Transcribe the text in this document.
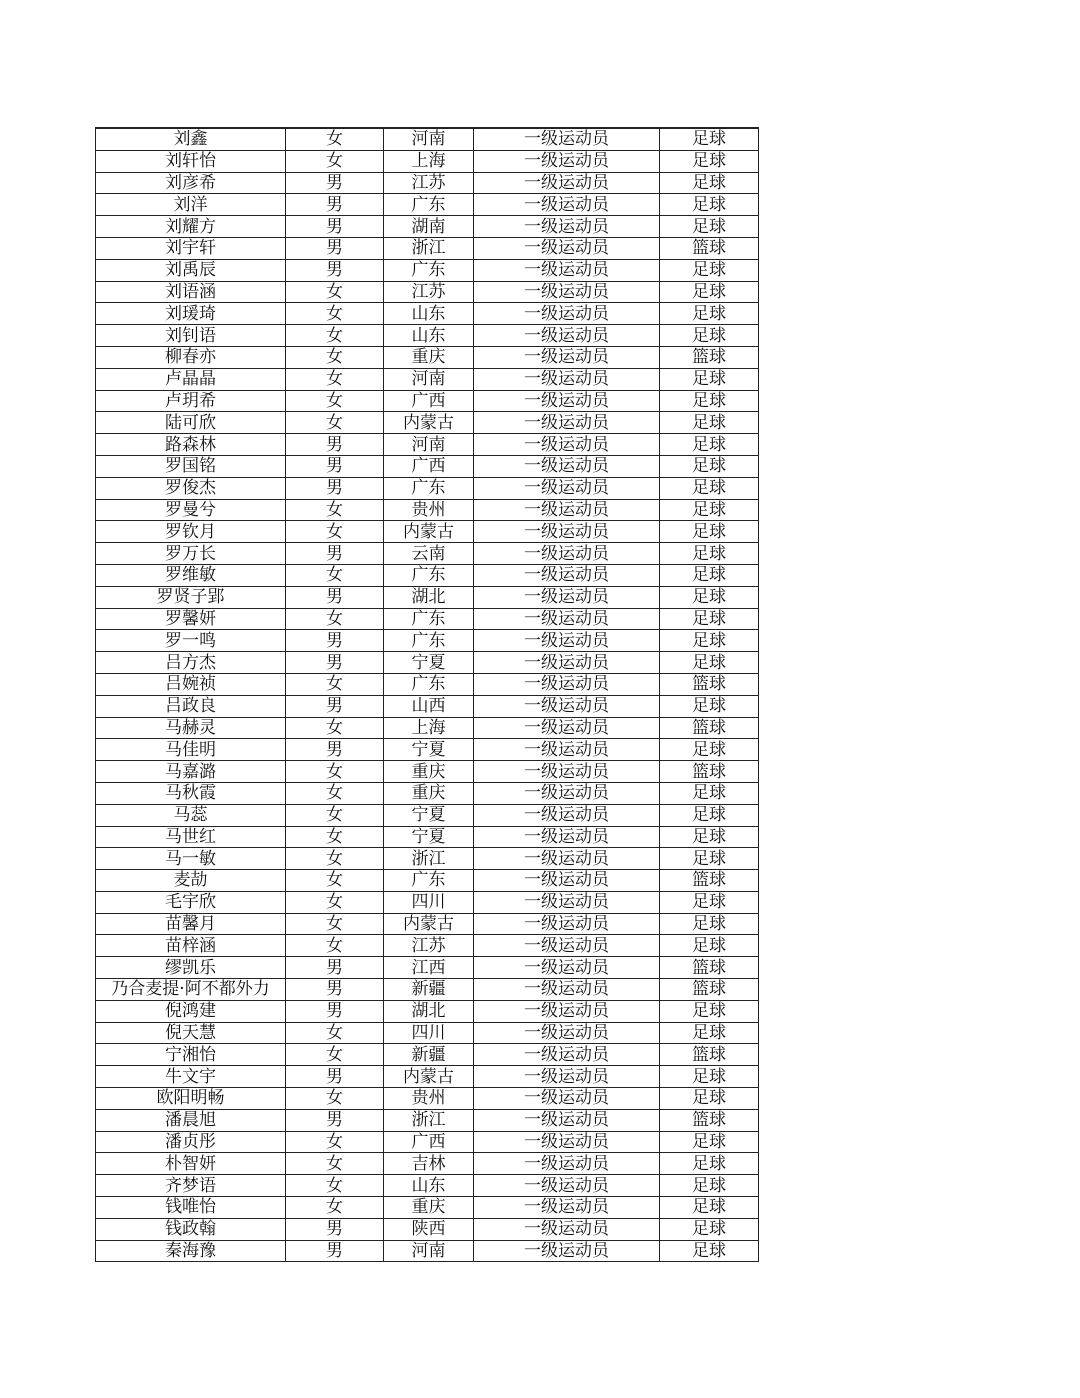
刘鑫	女	河南	一级运动员	足球
刘轩怡	女	上海	一级运动员	足球
刘彦希	男	江苏	一级运动员	足球
刘洋	男	广东	一级运动员	足球
刘耀方	男	湖南	一级运动员	足球
刘宇轩	男	浙江	一级运动员	篮球
刘禹辰	男	广东	一级运动员	足球
刘语涵	女	江苏	一级运动员	足球
刘瑗琦	女	山东	一级运动员	足球
刘钊语	女	山东	一级运动员	足球
柳春亦	女	重庆	一级运动员	篮球
卢晶晶	女	河南	一级运动员	足球
卢玥希	女	广西	一级运动员	足球
陆可欣	女	内蒙古	一级运动员	足球
路森林	男	河南	一级运动员	足球
罗国铭	男	广西	一级运动员	足球
罗俊杰	男	广东	一级运动员	足球
罗曼兮	女	贵州	一级运动员	足球
罗钦月	女	内蒙古	一级运动员	足球
罗万长	男	云南	一级运动员	足球
罗维敏	女	广东	一级运动员	足球
罗贤子郢	男	湖北	一级运动员	足球
罗馨妍	女	广东	一级运动员	足球
罗一鸣	男	广东	一级运动员	足球
吕方杰	男	宁夏	一级运动员	足球
吕婉祯	女	广东	一级运动员	篮球
吕政良	男	山西	一级运动员	足球
马赫灵	女	上海	一级运动员	篮球
马佳明	男	宁夏	一级运动员	足球
马嘉潞	女	重庆	一级运动员	篮球
马秋霞	女	重庆	一级运动员	足球
马蕊	女	宁夏	一级运动员	足球
马世红	女	宁夏	一级运动员	足球
马一敏	女	浙江	一级运动员	足球
麦劼	女	广东	一级运动员	篮球
毛宇欣	女	四川	一级运动员	足球
苗馨月	女	内蒙古	一级运动员	足球
苗梓涵	女	江苏	一级运动员	足球
缪凯乐	男	江西	一级运动员	篮球
乃合麦提·阿不都外力	男	新疆	一级运动员	篮球
倪鸿建	男	湖北	一级运动员	足球
倪天慧	女	四川	一级运动员	足球
宁湘怡	女	新疆	一级运动员	篮球
牛文宇	男	内蒙古	一级运动员	足球
欧阳明畅	女	贵州	一级运动员	足球
潘晨旭	男	浙江	一级运动员	篮球
潘贞彤	女	广西	一级运动员	足球
朴智妍	女	吉林	一级运动员	足球
齐梦语	女	山东	一级运动员	足球
钱唯怡	女	重庆	一级运动员	足球
钱政翰	男	陕西	一级运动员	足球
秦海豫	男	河南	一级运动员	足球
